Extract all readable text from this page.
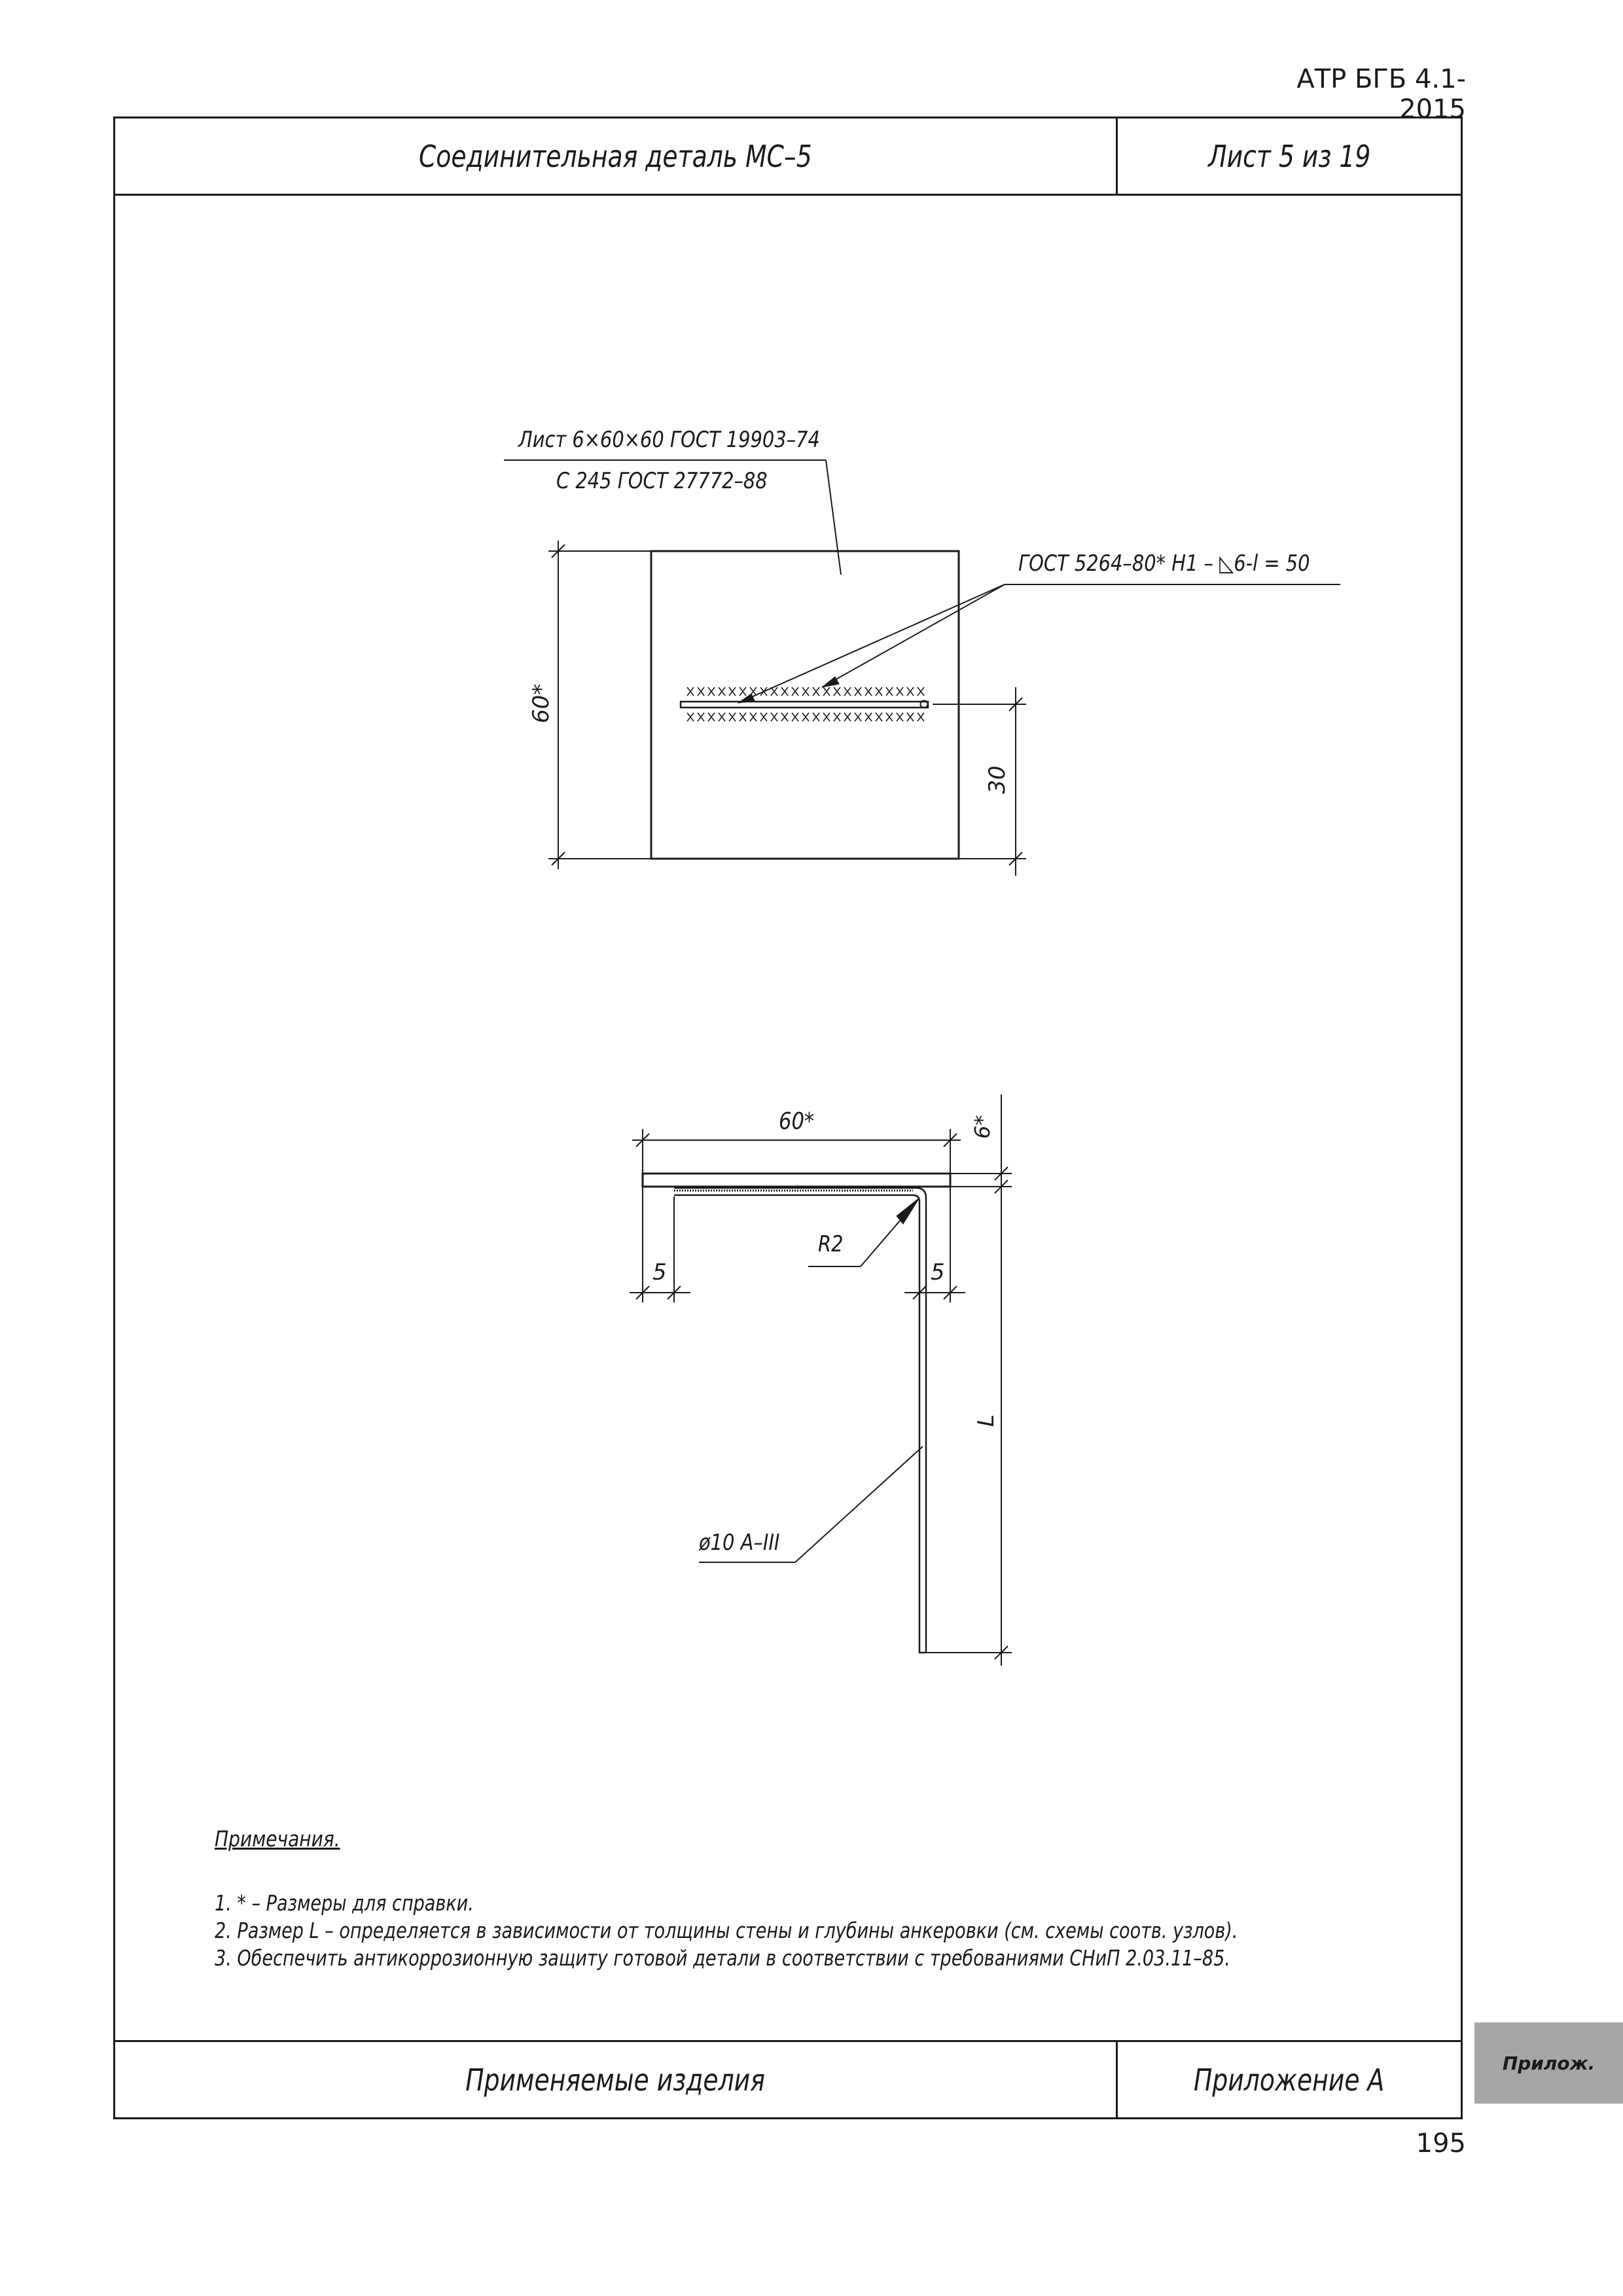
АТР БГБ 4.1-2015
Соединительная деталь МС–5	Лист 5 из 19
Применяемые изделия	Приложение А
Лист 6×60×60 ГОСТ 19903–74
С 245 ГОСТ 27772–88
ГОСТ 5264–80* Н1 – ◺6-l = 50
60*
30
60*	6*
5	5
R2
L
ø10 А–III
Примечания.
1. * – Размеры для справки.
2. Размер L – определяется в зависимости от толщины стены и глубины анкеровки (см. схемы соотв. узлов).
3. Обеспечить антикоррозионную защиту готовой детали в соответствии с требованиями СНиП 2.03.11–85.
Прилож.
195
